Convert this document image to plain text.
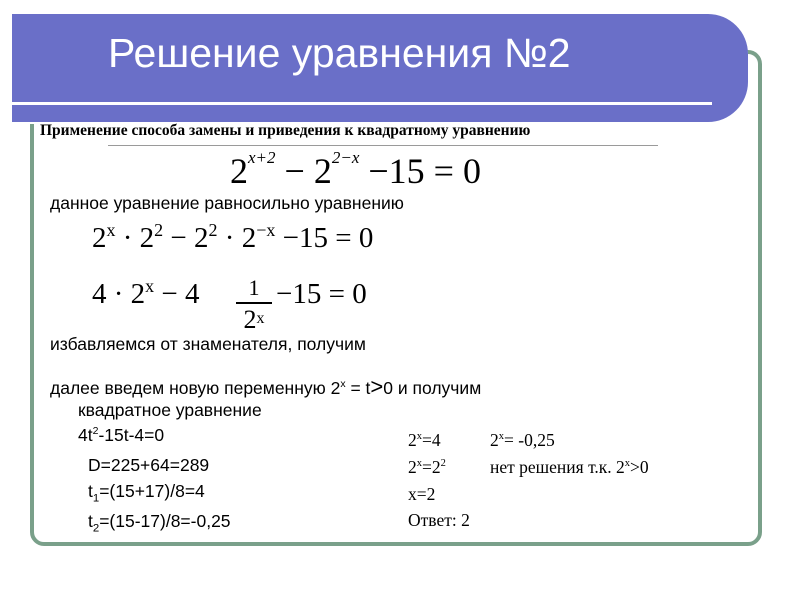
Решение уравнения №2
Применение способа замены и приведения к квадратному уравнению
$2^{x+2} - 2^{2-x} -15 = 0$
данное уравнение равносильно уравнению
$2^x \cdot 2^2 - 2^2 \cdot 2^{-x} -15 = 0$
$4 \cdot 2^x - 4$	1
$2^x$
−15 = 0
избавляемся от знаменателя, получим
далее введем новую переменную $2^x = t>0$ и получим
квадратное уравнение
$4t^2-15t-4=0$
D=225+64=289
$t_1=(15+17)/8=4$
$t_2=(15-17)/8=-0,25$
$2^x=4$
$2^x=2^2$
x=2
Ответ: 2
$2^x= -0,25$
нет решения т.к. $2^x>0$
